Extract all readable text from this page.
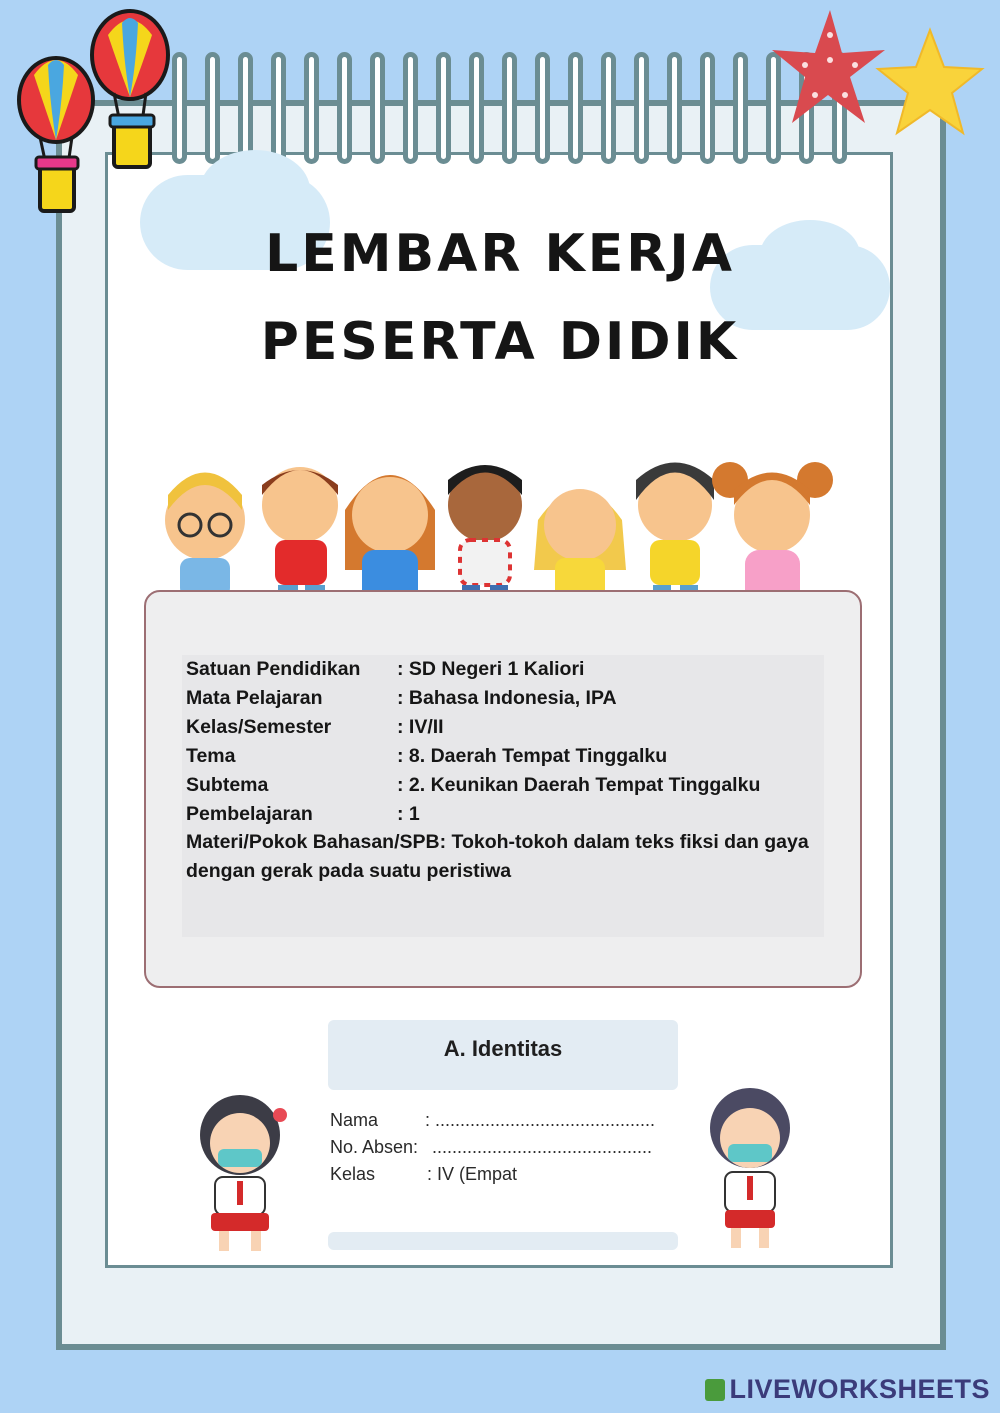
LEMBAR KERJA
PESERTA DIDIK
Satuan Pendidikan : SD Negeri 1 Kaliori
Mata Pelajaran	: Bahasa Indonesia, IPA
Kelas/Semester	: IV/II
Tema	: 8. Daerah Tempat Tinggalku
Subtema	: 2. Keunikan Daerah Tempat Tinggalku
Pembelajaran	: 1
Materi/Pokok Bahasan/SPB: Tokoh-tokoh dalam teks fiksi dan gaya dengan gerak pada suatu peristiwa
A. Identitas
Nama	: ............................................
No. Absen: ............................................
Kelas	: IV (Empat
LIVEWORKSHEETS
